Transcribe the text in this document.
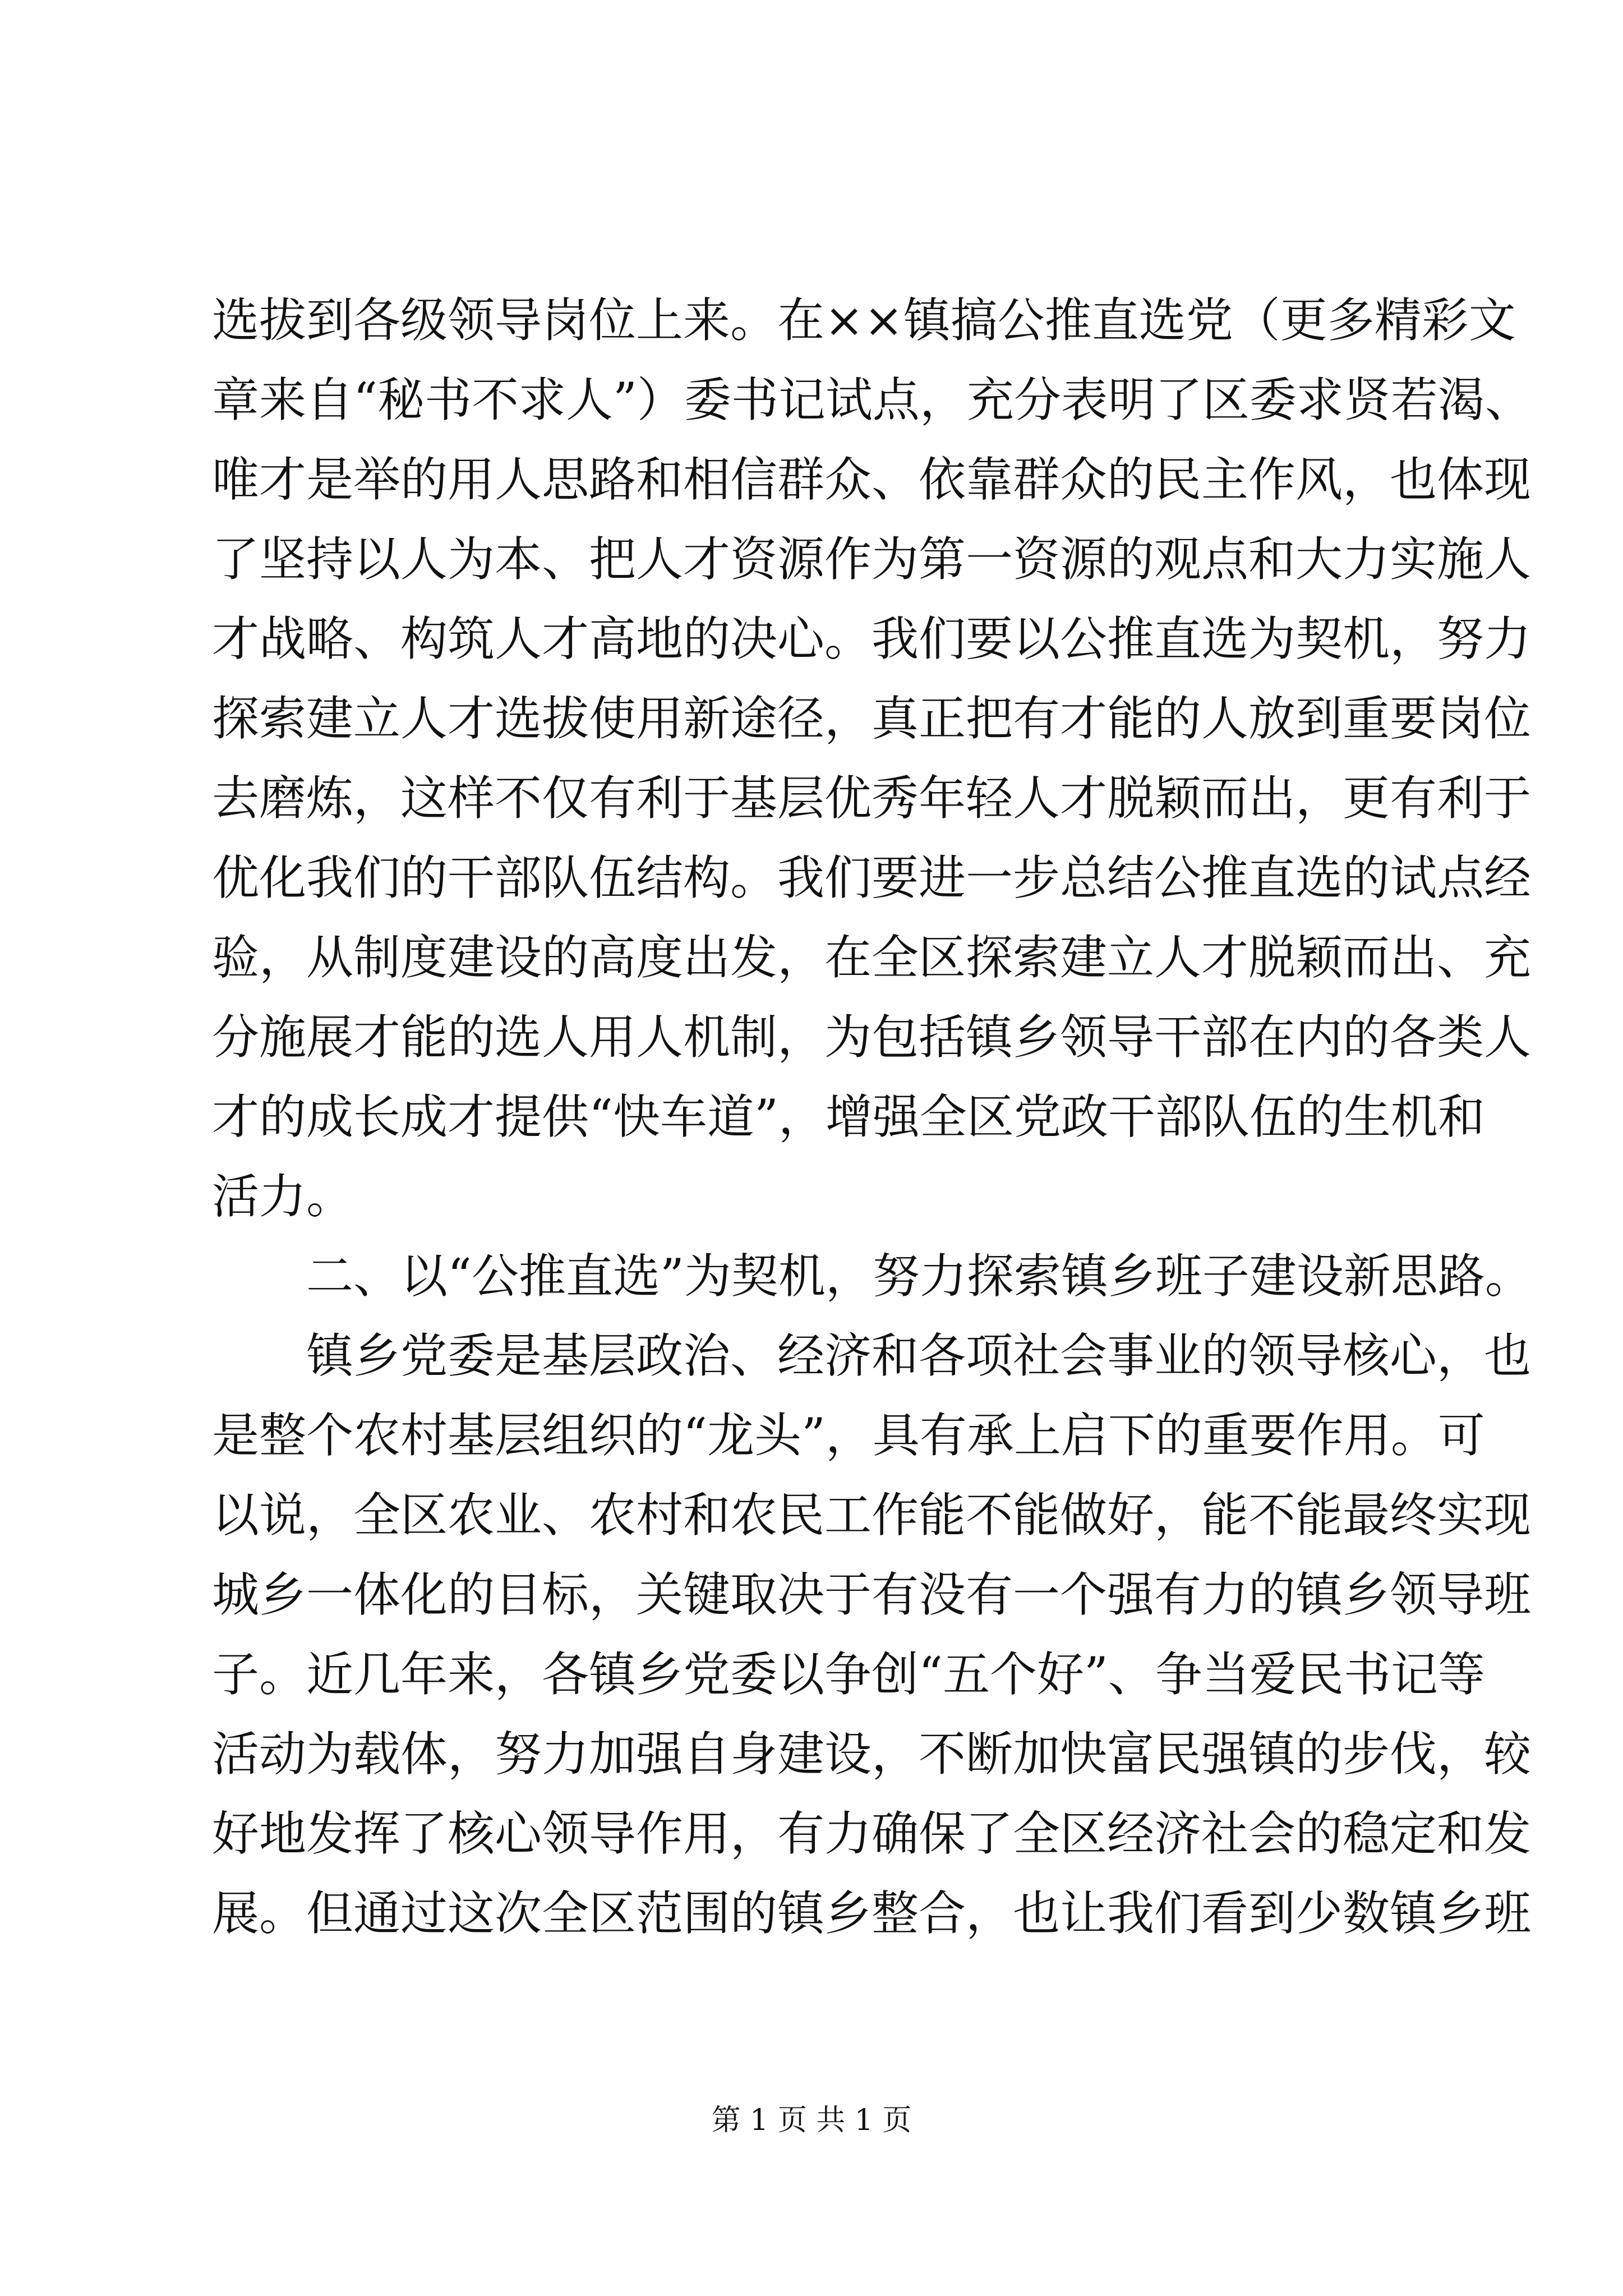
选拔到各级领导岗位上来。在××镇搞公推直选党（更多精彩文
章来自“秘书不求人”）委书记试点，充分表明了区委求贤若渴、
唯才是举的用人思路和相信群众、依靠群众的民主作风，也体现
了坚持以人为本、把人才资源作为第一资源的观点和大力实施人
才战略、构筑人才高地的决心。我们要以公推直选为契机，努力
探索建立人才选拔使用新途径，真正把有才能的人放到重要岗位
去磨炼，这样不仅有利于基层优秀年轻人才脱颖而出，更有利于
优化我们的干部队伍结构。我们要进一步总结公推直选的试点经
验，从制度建设的高度出发，在全区探索建立人才脱颖而出、充
分施展才能的选人用人机制，为包括镇乡领导干部在内的各类人
才的成长成才提供“快车道”，增强全区党政干部队伍的生机和
活力。
二、以“公推直选”为契机，努力探索镇乡班子建设新思路。
镇乡党委是基层政治、经济和各项社会事业的领导核心，也
是整个农村基层组织的“龙头”，具有承上启下的重要作用。可
以说，全区农业、农村和农民工作能不能做好，能不能最终实现
城乡一体化的目标，关键取决于有没有一个强有力的镇乡领导班
子。近几年来，各镇乡党委以争创“五个好”、争当爱民书记等
活动为载体，努力加强自身建设，不断加快富民强镇的步伐，较
好地发挥了核心领导作用，有力确保了全区经济社会的稳定和发
展。但通过这次全区范围的镇乡整合，也让我们看到少数镇乡班
第 1 页 共 1 页
